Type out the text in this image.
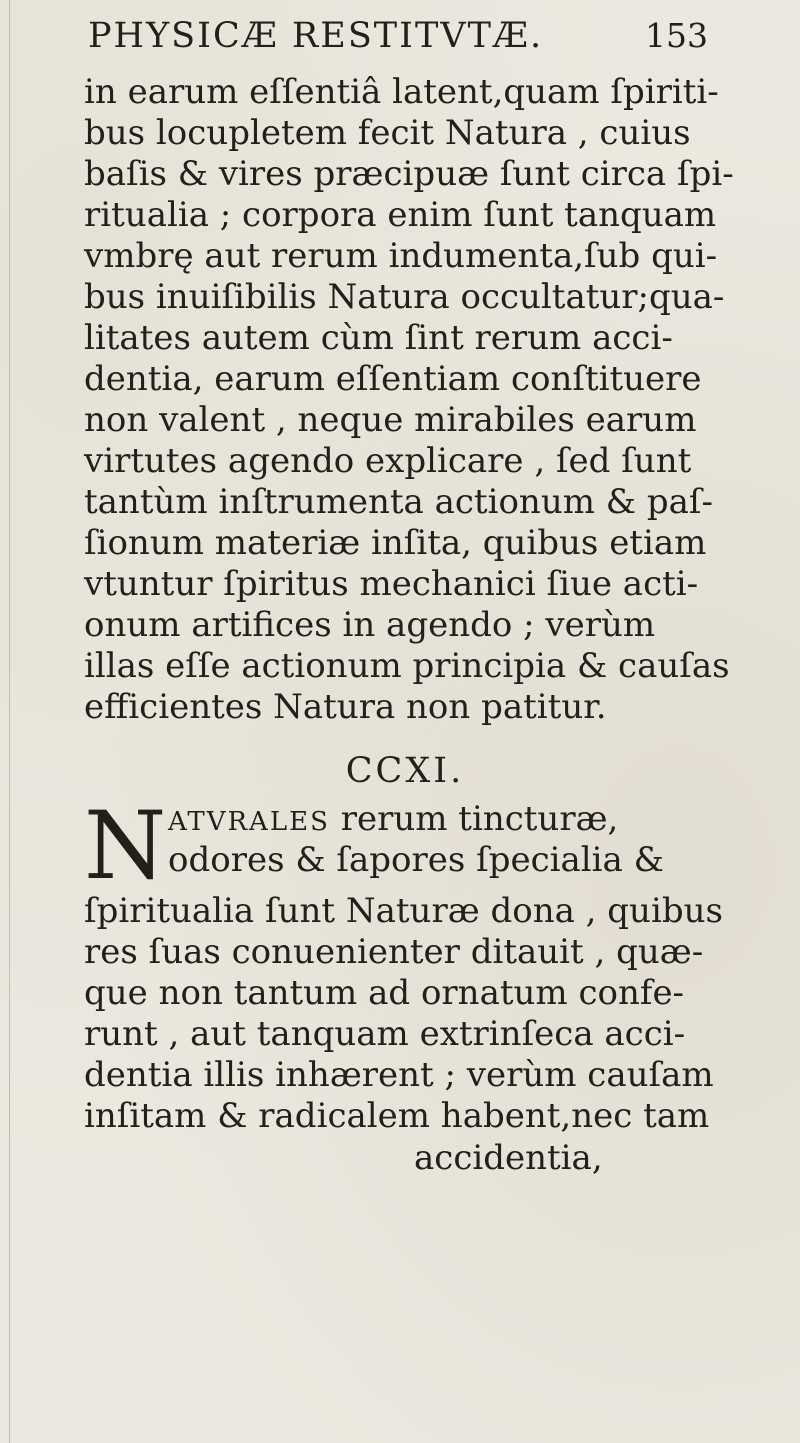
PHYSICÆ RESTITVTÆ.	153
in earum eſſentiâ latent,quam ſpiriti-
bus locupletem fecit Natura , cuius
baſis & vires præcipuæ ſunt circa ſpi-
ritualia ; corpora enim ſunt tanquam
vmbrę aut rerum indumenta,ſub qui-
bus inuiſibilis Natura occultatur;qua-
litates autem cùm ſint rerum acci-
dentia, earum eſſentiam conſtituere
non valent , neque mirabiles earum
virtutes agendo explicare , ſed ſunt
tantùm inſtrumenta actionum & paſ-
ſionum materiæ inſita, quibus etiam
vtuntur ſpiritus mechanici ſiue acti-
onum artifices in agendo ; verùm
illas eſſe actionum principia & cauſas
efficientes Natura non patitur.
CCXI.
N ATVRALES rerum tincturæ,
odores & ſapores ſpecialia &
ſpiritualia ſunt Naturæ dona , quibus
res ſuas conuenienter ditauit , quæ-
que non tantum ad ornatum confe-
runt , aut tanquam extrinſeca acci-
dentia illis inhærent ; verùm cauſam
inſitam & radicalem habent,nec tam
accidentia,
